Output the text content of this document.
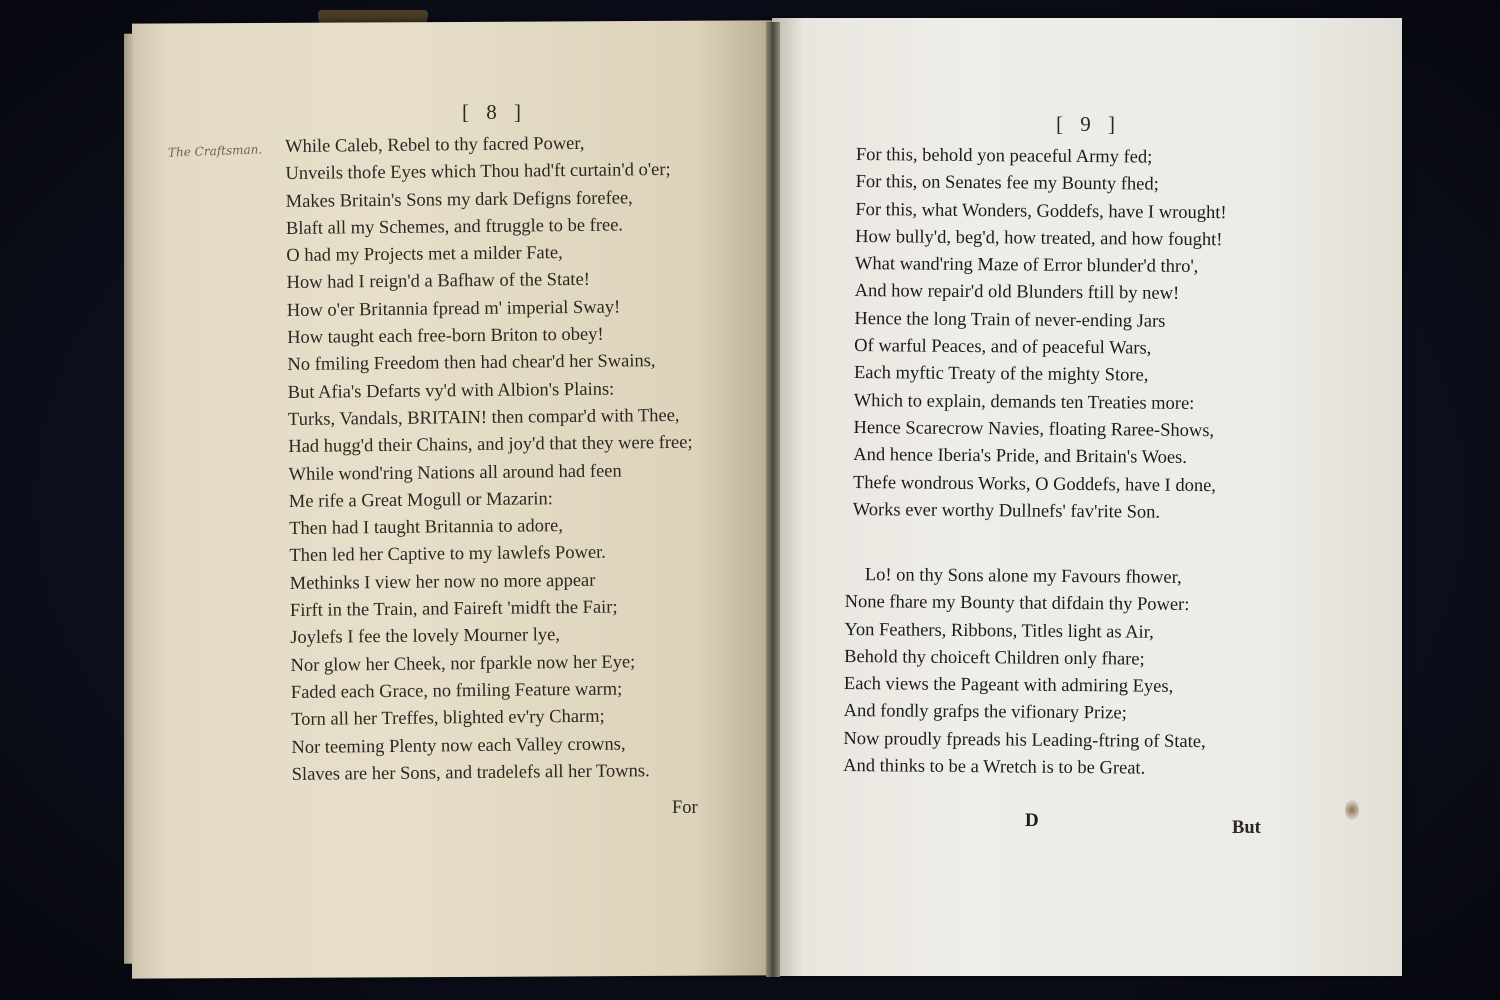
[ 8 ]
The Craftsman. While Caleb, Rebel to thy facred Power,
Unveils thofe Eyes which Thou had'ft curtain'd o'er;
Makes Britain's Sons my dark Defigns forefee,
Blaft all my Schemes, and ftruggle to be free.
O had my Projects met a milder Fate,
How had I reign'd a Bafhaw of the State!
How o'er Britannia fpread m' imperial Sway!
How taught each free-born Briton to obey!
No fmiling Freedom then had chear'd her Swains,
But Afia's Defarts vy'd with Albion's Plains:
Turks, Vandals, BRITAIN! then compar'd with Thee,
Had hugg'd their Chains, and joy'd that they were free;
While wond'ring Nations all around had feen
Me rife a Great Mogull or Mazarin:
Then had I taught Britannia to adore,
Then led her Captive to my lawlefs Power.
Methinks I view her now no more appear
Firft in the Train, and Faireft 'midft the Fair;
Joylefs I fee the lovely Mourner lye,
Nor glow her Cheek, nor fparkle now her Eye;
Faded each Grace, no fmiling Feature warm;
Torn all her Treffes, blighted ev'ry Charm;
Nor teeming Plenty now each Valley crowns,
Slaves are her Sons, and tradelefs all her Towns.
For
[ 9 ]
For this, behold yon peaceful Army fed;
For this, on Senates fee my Bounty fhed;
For this, what Wonders, Goddefs, have I wrought!
How bully'd, beg'd, how treated, and how fought!
What wand'ring Maze of Error blunder'd thro',
And how repair'd old Blunders ftill by new!
Hence the long Train of never-ending Jars
Of warful Peaces, and of peaceful Wars,
Each myftic Treaty of the mighty Store,
Which to explain, demands ten Treaties more:
Hence Scarecrow Navies, floating Raree-Shows,
And hence Iberia's Pride, and Britain's Woes.
Thefe wondrous Works, O Goddefs, have I done,
Works ever worthy Dullnefs' fav'rite Son.
Lo! on thy Sons alone my Favours fhower,
None fhare my Bounty that difdain thy Power:
Yon Feathers, Ribbons, Titles light as Air,
Behold thy choiceft Children only fhare;
Each views the Pageant with admiring Eyes,
And fondly grafps the vifionary Prize;
Now proudly fpreads his Leading-ftring of State,
And thinks to be a Wretch is to be Great.
D	But
